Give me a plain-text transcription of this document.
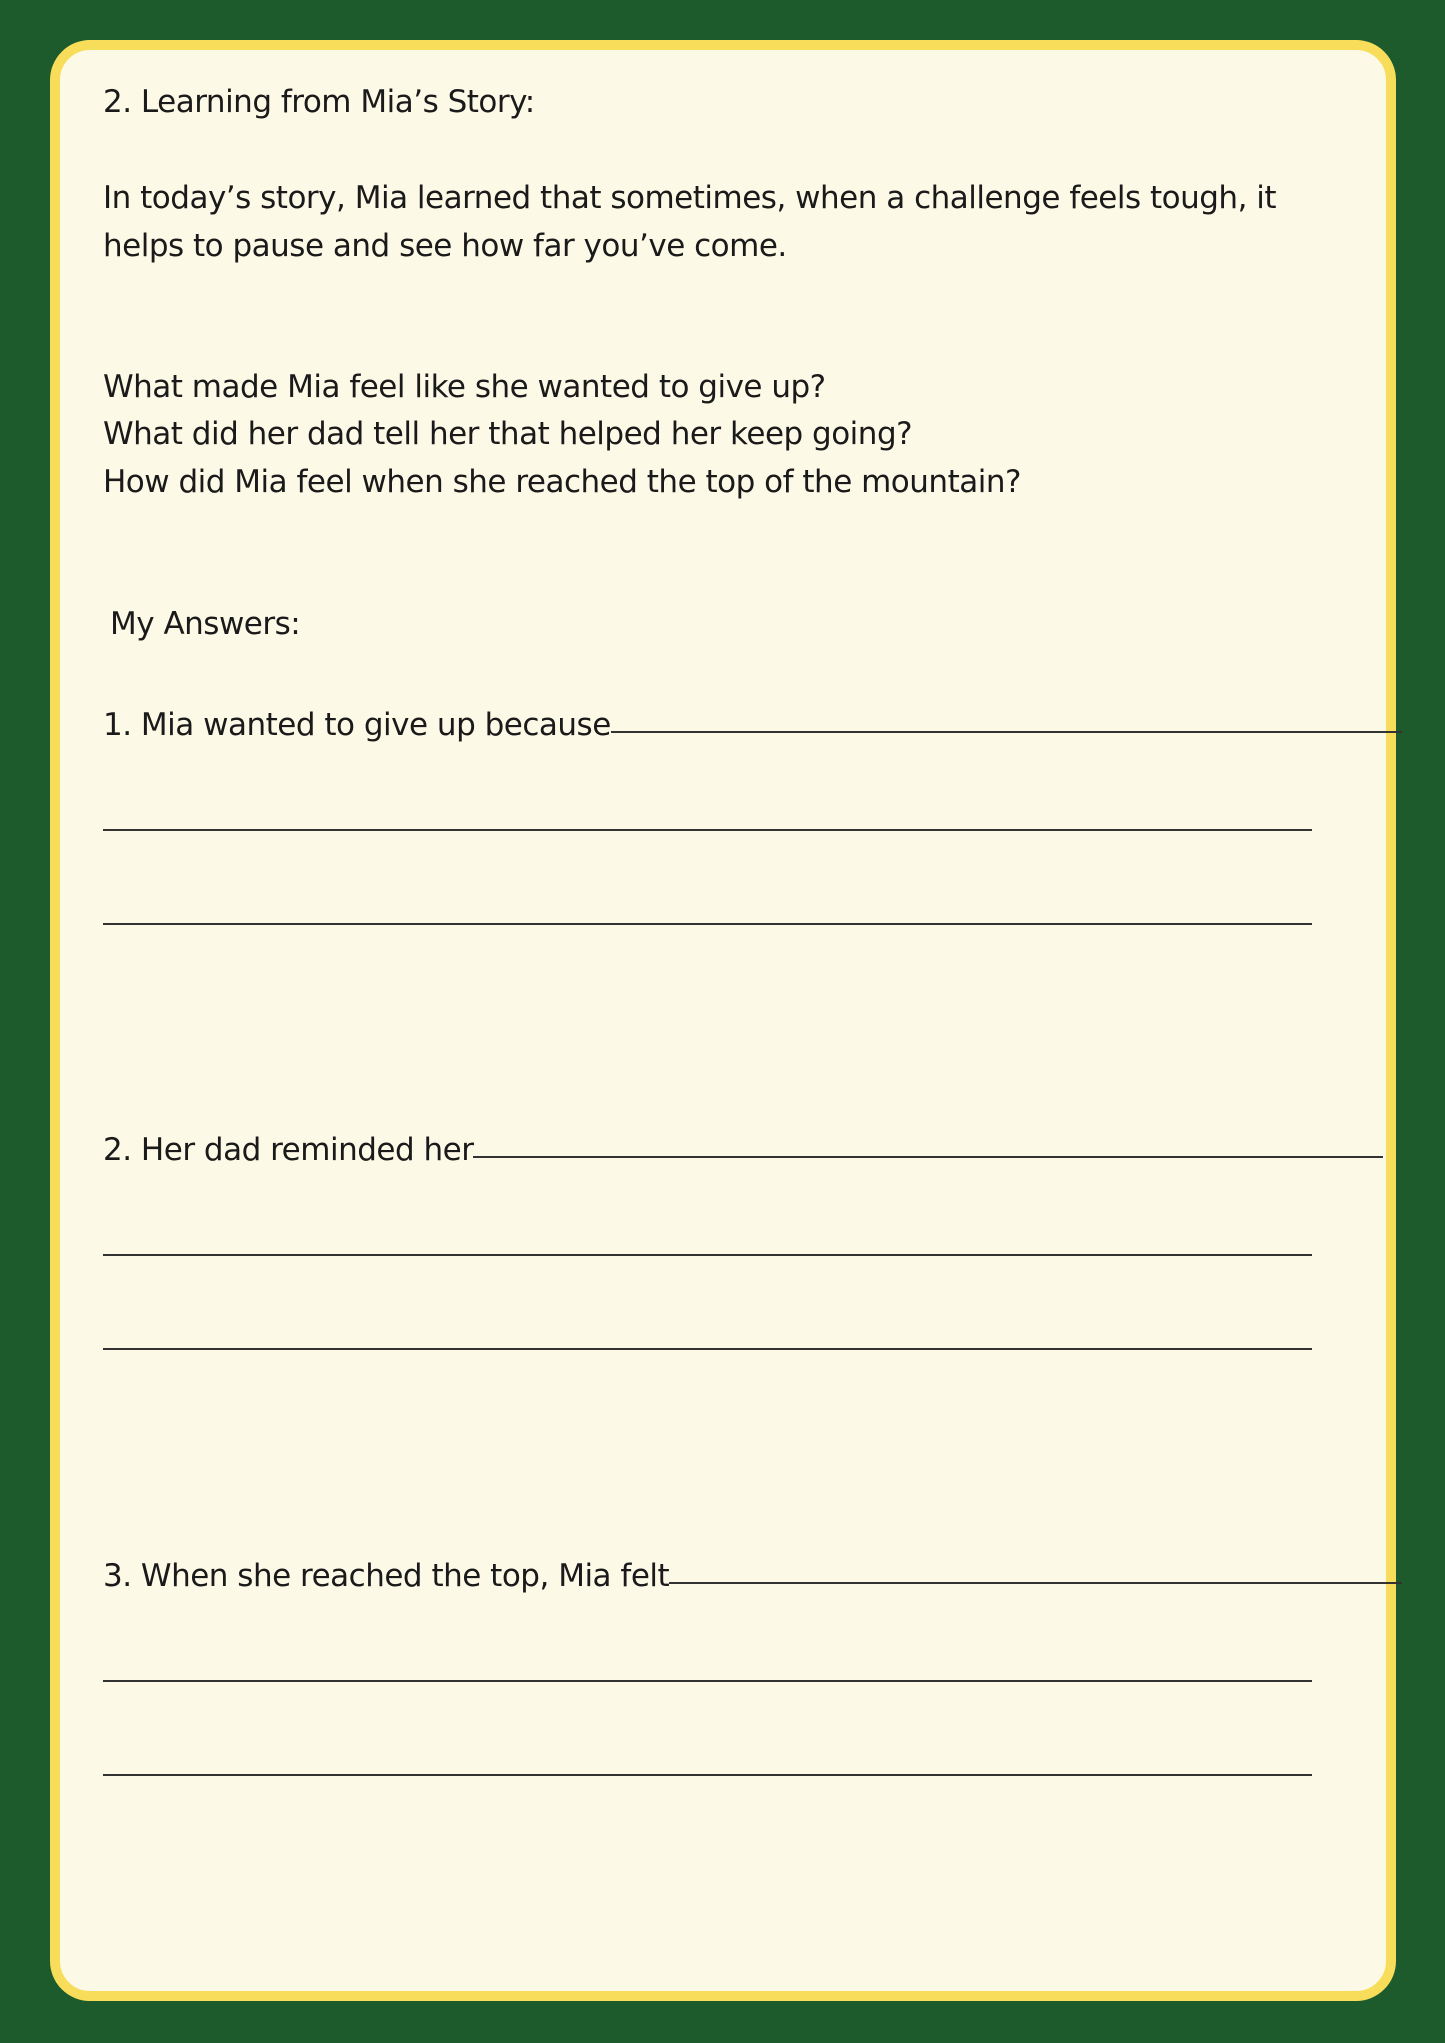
2. Learning from Mia’s Story:
In today’s story, Mia learned that sometimes, when a challenge feels tough, it helps to pause and see how far you’ve come.
What made Mia feel like she wanted to give up?
What did her dad tell her that helped her keep going?
How did Mia feel when she reached the top of the mountain?
My Answers:
1. Mia wanted to give up because
2. Her dad reminded her
3. When she reached the top, Mia felt
